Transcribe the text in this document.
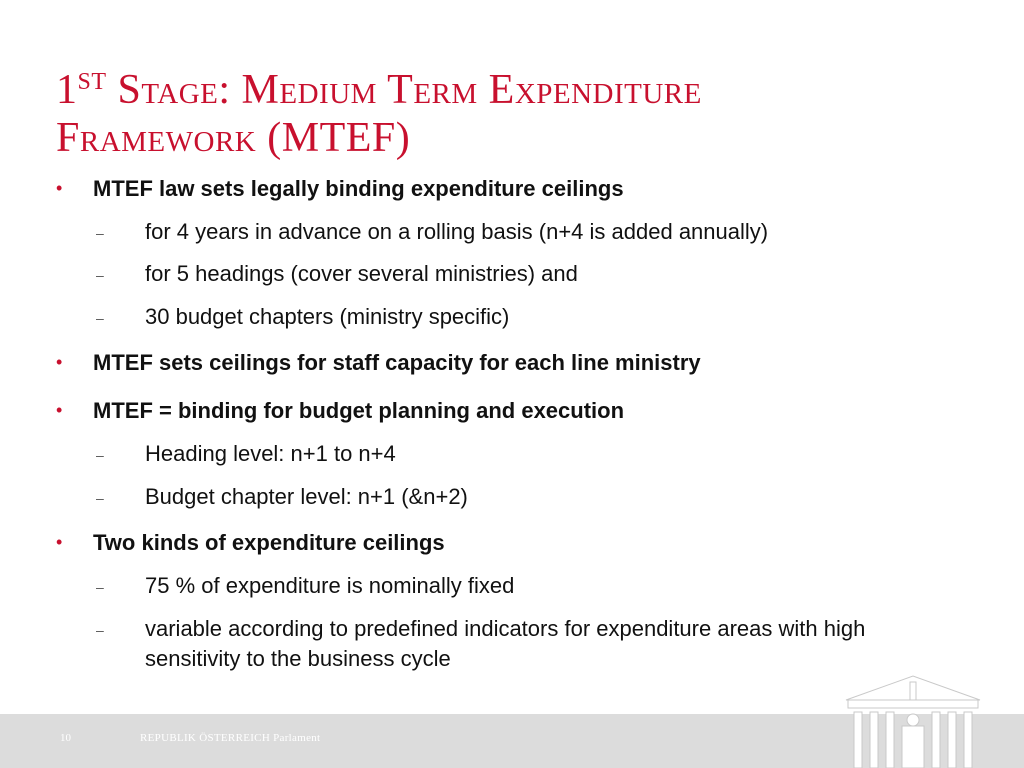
1ST Stage: Medium Term Expenditure
Framework (MTEF)
• MTEF law sets legally binding expenditure ceilings
– for 4 years in advance on a rolling basis (n+4 is added annually)
– for 5 headings (cover several ministries) and
– 30 budget chapters (ministry specific)
• MTEF sets ceilings for staff capacity for each line ministry
• MTEF = binding for budget planning and execution
– Heading level: n+1 to n+4
– Budget chapter level: n+1 (&n+2)
• Two kinds of expenditure ceilings
– 75 % of expenditure is nominally fixed
– variable according to predefined indicators for expenditure areas with high sensitivity to the business cycle
10	REPUBLIK ÖSTERREICH Parlament
